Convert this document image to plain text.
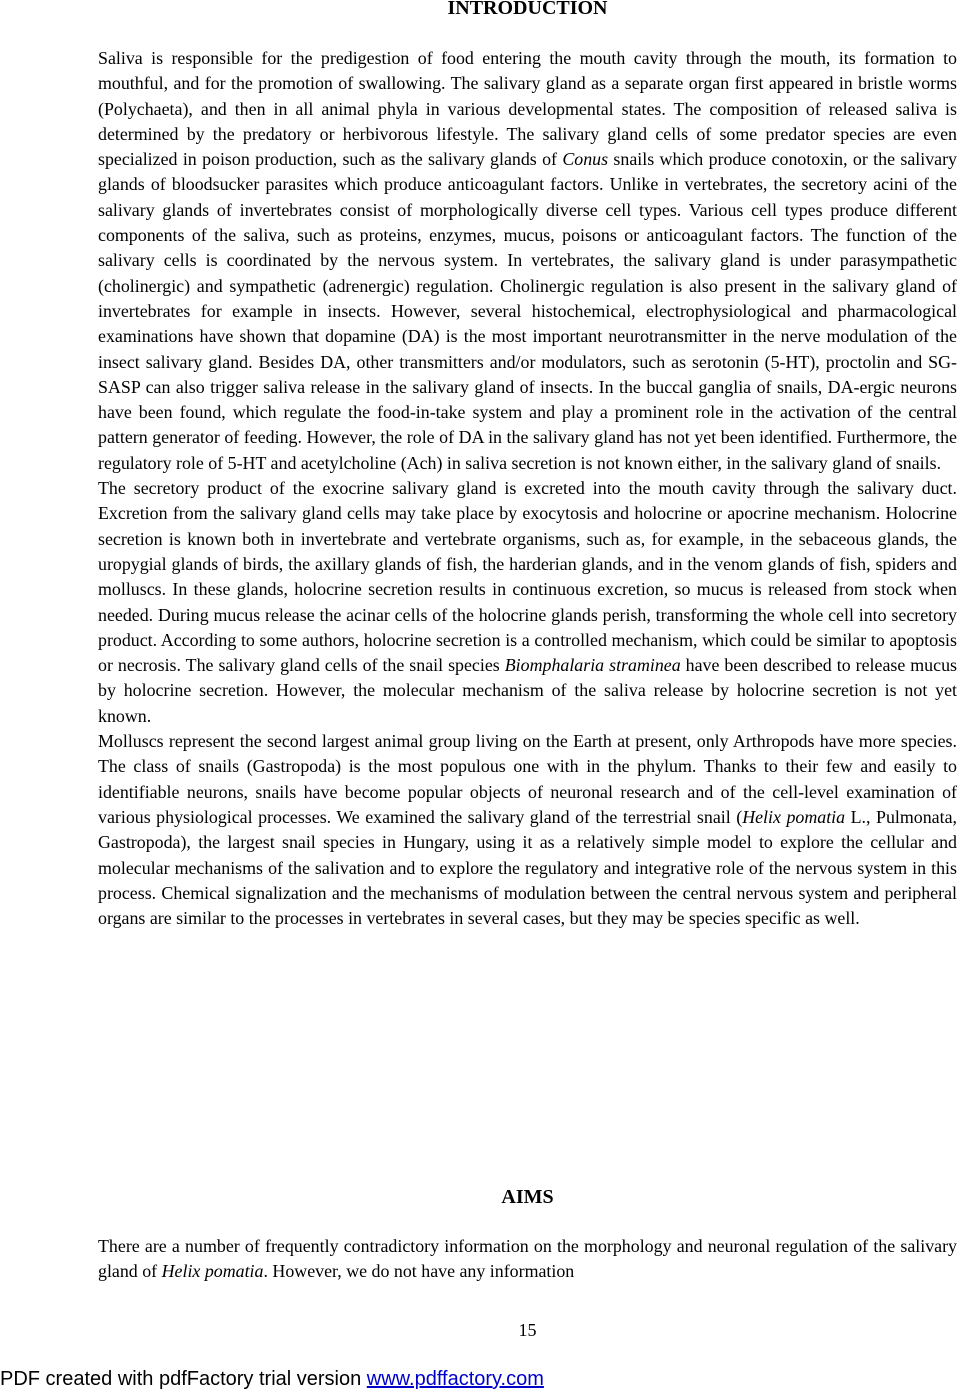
INTRODUCTION

Saliva is responsible for the predigestion of food entering the mouth cavity through the mouth, its formation to mouthful, and for the promotion of swallowing. The salivary gland as a separate organ first appeared in bristle worms (Polychaeta), and then in all animal phyla in various developmental states. The composition of released saliva is determined by the predatory or herbivorous lifestyle. The salivary gland cells of some predator species are even specialized in poison production, such as the salivary glands of Conus snails which produce conotoxin, or the salivary glands of bloodsucker parasites which produce anticoagulant factors. Unlike in vertebrates, the secretory acini of the salivary glands of invertebrates consist of morphologically diverse cell types. Various cell types produce different components of the saliva, such as proteins, enzymes, mucus, poisons or anticoagulant factors. The function of the salivary cells is coordinated by the nervous system. In vertebrates, the salivary gland is under parasympathetic (cholinergic) and sympathetic (adrenergic) regulation. Cholinergic regulation is also present in the salivary gland of invertebrates for example in insects. However, several histochemical, electrophysiological and pharmacological examinations have shown that dopamine (DA) is the most important neurotransmitter in the nerve modulation of the insect salivary gland. Besides DA, other transmitters and/or modulators, such as serotonin (5-HT), proctolin and SG-SASP can also trigger saliva release in the salivary gland of insects. In the buccal ganglia of snails, DA-ergic neurons have been found, which regulate the food-in-take system and play a prominent role in the activation of the central pattern generator of feeding. However, the role of DA in the salivary gland has not yet been identified. Furthermore, the regulatory role of 5-HT and acetylcholine (Ach) in saliva secretion is not known either, in the salivary gland of snails.

The secretory product of the exocrine salivary gland is excreted into the mouth cavity through the salivary duct. Excretion from the salivary gland cells may take place by exocytosis and holocrine or apocrine mechanism. Holocrine secretion is known both in invertebrate and vertebrate organisms, such as, for example, in the sebaceous glands, the uropygial glands of birds, the axillary glands of fish, the harderian glands, and in the venom glands of fish, spiders and molluscs. In these glands, holocrine secretion results in continuous excretion, so mucus is released from stock when needed. During mucus release the acinar cells of the holocrine glands perish, transforming the whole cell into secretory product. According to some authors, holocrine secretion is a controlled mechanism, which could be similar to apoptosis or necrosis. The salivary gland cells of the snail species Biomphalaria straminea have been described to release mucus by holocrine secretion. However, the molecular mechanism of the saliva release by holocrine secretion is not yet known.

Molluscs represent the second largest animal group living on the Earth at present, only Arthropods have more species. The class of snails (Gastropoda) is the most populous one with in the phylum. Thanks to their few and easily to identifiable neurons, snails have become popular objects of neuronal research and of the cell-level examination of various physiological processes. We examined the salivary gland of the terrestrial snail (Helix pomatia L., Pulmonata, Gastropoda), the largest snail species in Hungary, using it as a relatively simple model to explore the cellular and molecular mechanisms of the salivation and to explore the regulatory and integrative role of the nervous system in this process. Chemical signalization and the mechanisms of modulation between the central nervous system and peripheral organs are similar to the processes in vertebrates in several cases, but they may be species specific as well.

AIMS

There are a number of frequently contradictory information on the morphology and neuronal regulation of the salivary gland of Helix pomatia. However, we do not have any information

15
PDF created with pdfFactory trial version www.pdffactory.com
